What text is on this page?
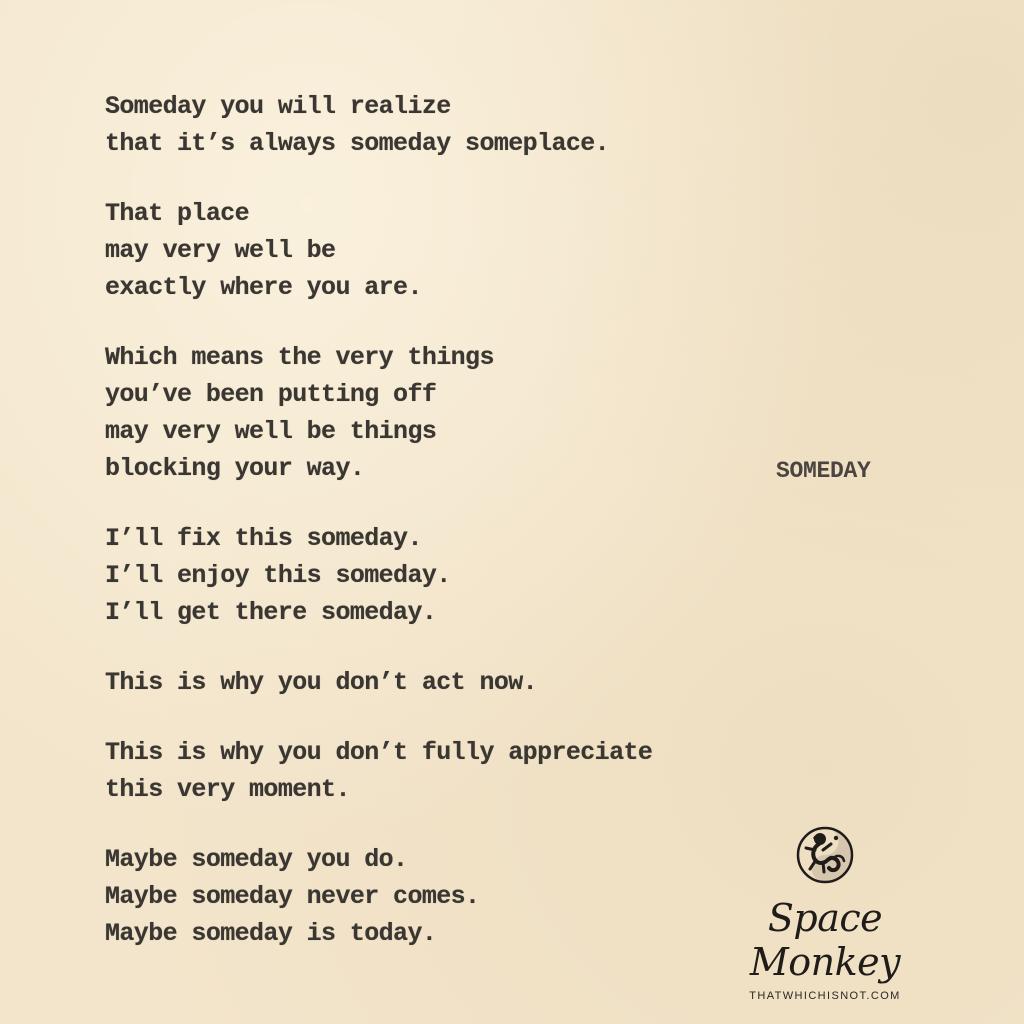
Someday you will realize
that it’s always someday someplace.
That place
may very well be
exactly where you are.
Which means the very things
you’ve been putting off
may very well be things
blocking your way.
I’ll fix this someday.
I’ll enjoy this someday.
I’ll get there someday.
This is why you don’t act now.
This is why you don’t fully appreciate
this very moment.
Maybe someday you do.
Maybe someday never comes.
Maybe someday is today.
SOMEDAY
Space Monkey
THATWHICHISNOT.COM
